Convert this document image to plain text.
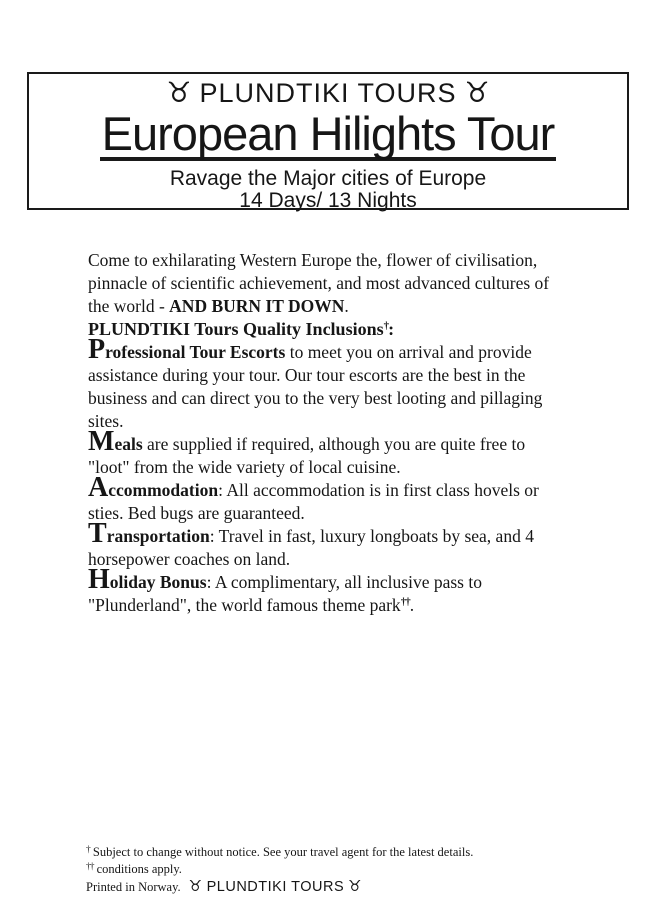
♉ PLUNDTIKI TOURS ♉
European Hilights Tour
Ravage the Major cities of Europe
14 Days/ 13 Nights

Come to exhilarating Western Europe the, flower of civilisation, pinnacle of scientific achievement, and most advanced cultures of the world - AND BURN IT DOWN.

PLUNDTIKI Tours Quality Inclusions†:

Professional Tour Escorts to meet you on arrival and provide assistance during your tour. Our tour escorts are the best in the business and can direct you to the very best looting and pillaging sites.

Meals are supplied if required, although you are quite free to "loot" from the wide variety of local cuisine.

Accommodation: All accommodation is in first class hovels or sties. Bed bugs are guaranteed.

Transportation: Travel in fast, luxury longboats by sea, and 4 horsepower coaches on land.

Holiday Bonus: A complimentary, all inclusive pass to "Plunderland", the world famous theme park††.

† Subject to change without notice. See your travel agent for the latest details.
†† conditions apply.
Printed in Norway. ♉ PLUNDTIKI TOURS ♉
